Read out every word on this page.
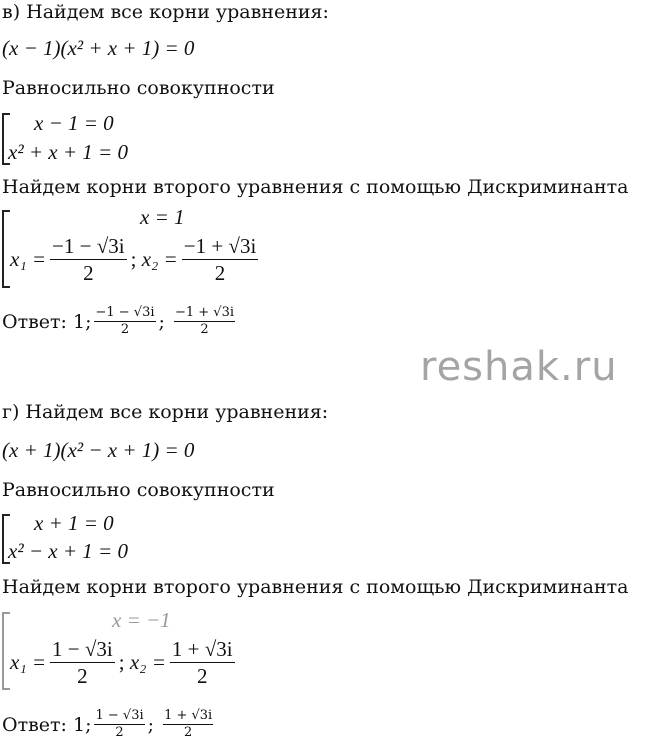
в) Найдем все корни уравнения:
(x − 1)(x² + x + 1) = 0
Равносильно совокупности
x − 1 = 0
x² + x + 1 = 0
Найдем корни второго уравнения с помощью Дискриминанта
x = 1
$x_1 = \frac{-1 - √3i}{2}$ ;
$x_2 = \frac{-1 + √3i}{2}$
Ответ: 1; $\frac{-1 - √3i}{2}$ ;
$\frac{-1 + √3i}{2}$
г) Найдем все корни уравнения:
(x + 1)(x² − x + 1) = 0
Равносильно совокупности
x + 1 = 0
x² − x + 1 = 0
Найдем корни второго уравнения с помощью Дискриминанта
x = −1
$x_1 = \frac{1 - √3i}{2}$ ;
$x_2 = \frac{1 + √3i}{2}$
Ответ: 1; $\frac{1 - √3i}{2}$ ;
$\frac{1 + √3i}{2}$
reshak.ru
